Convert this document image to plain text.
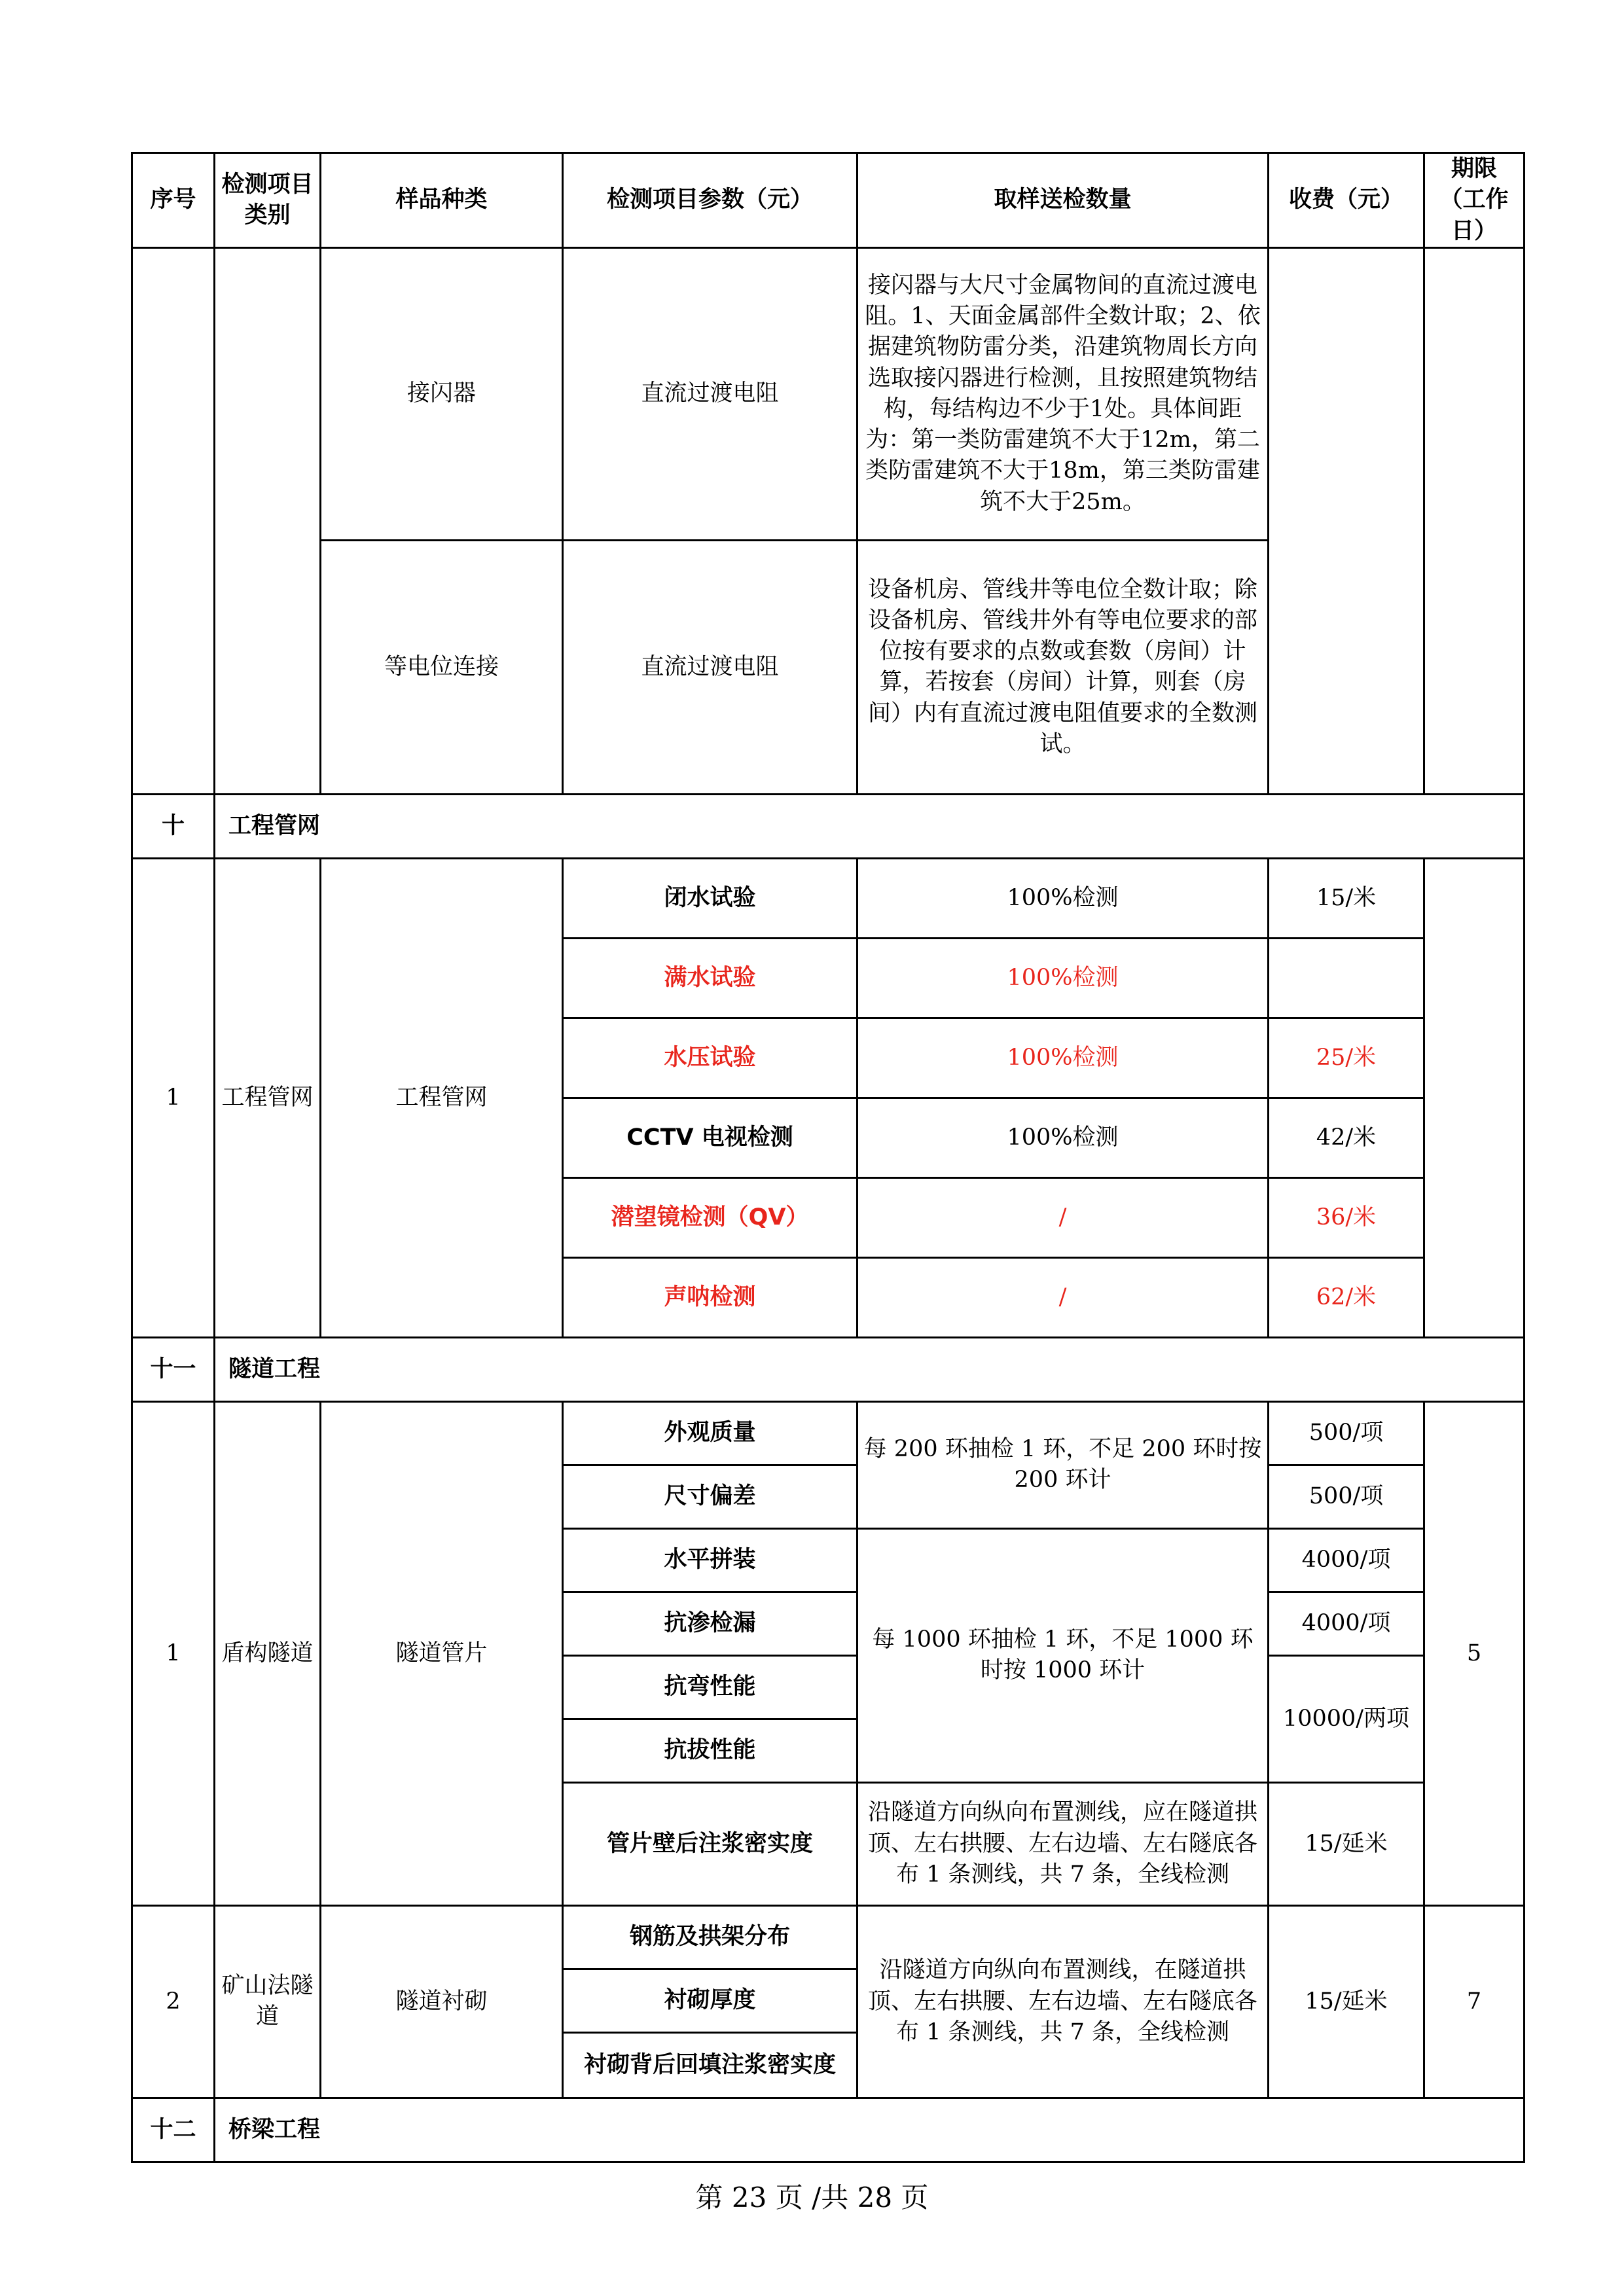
序号	检测项目类别	样品种类	检测项目参数（元）	取样送检数量	收费（元）	期限（工作日）
		接闪器	直流过渡电阻	接闪器与大尺寸金属物间的直流过渡电阻。1、天面金属部件全数计取；2、依据建筑物防雷分类，沿建筑物周长方向选取接闪器进行检测，且按照建筑物结构，每结构边不少于1处。具体间距为：第一类防雷建筑不大于12m，第二类防雷建筑不大于18m，第三类防雷建筑不大于25m。		
		等电位连接	直流过渡电阻	设备机房、管线井等电位全数计取；除设备机房、管线井外有等电位要求的部位按有要求的点数或套数（房间）计算，若按套（房间）计算，则套（房间）内有直流过渡电阻值要求的全数测试。		
十	工程管网					
1	工程管网	工程管网	闭水试验	100%检测	15/米	
			满水试验	100%检测		
			水压试验	100%检测	25/米	
			CCTV 电视检测	100%检测	42/米	
			潜望镜检测（QV）	/	36/米	
			声呐检测	/	62/米	
十一	隧道工程					
1	盾构隧道	隧道管片	外观质量	每 200 环抽检 1 环，不足 200 环时按 200 环计	500/项	5
			尺寸偏差		500/项	
			水平拼装	每 1000 环抽检 1 环，不足 1000 环时按 1000 环计	4000/项	
			抗渗检漏		4000/项	
			抗弯性能		10000/两项	
			抗拔性能			
			管片壁后注浆密实度	沿隧道方向纵向布置测线，应在隧道拱顶、左右拱腰、左右边墙、左右隧底各布 1 条测线，共 7 条，全线检测	15/延米	
2	矿山法隧道	隧道衬砌	钢筋及拱架分布	沿隧道方向纵向布置测线，在隧道拱顶、左右拱腰、左右边墙、左右隧底各布 1 条测线，共 7 条，全线检测	15/延米	7
			衬砌厚度			
			衬砌背后回填注浆密实度			
十二	桥梁工程					
第 23 页 /共 28 页
